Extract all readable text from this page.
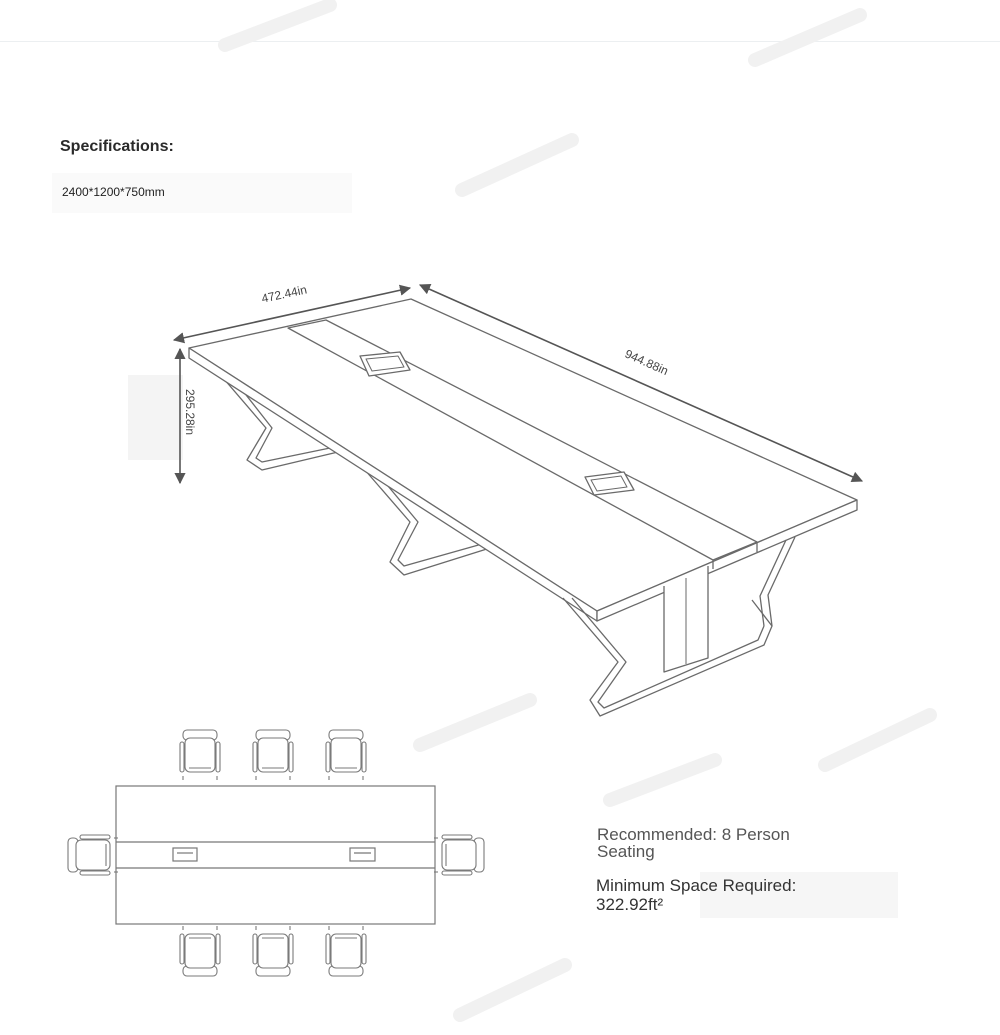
Specifications:
2400*1200*750mm
472.44in
944.88in
295.28in
Recommended: 8 Person Seating
Minimum Space Required: 322.92ft²
